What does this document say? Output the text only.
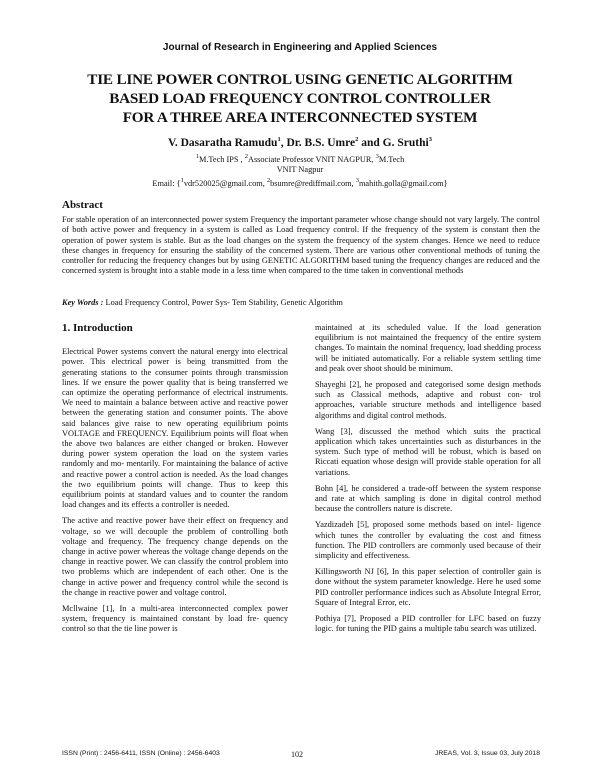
Journal of Research in Engineering and Applied Sciences
TIE LINE POWER CONTROL USING GENETIC ALGORITHM
BASED LOAD FREQUENCY CONTROL CONTROLLER
FOR A THREE AREA INTERCONNECTED SYSTEM
V. Dasaratha Ramudu$^1$, Dr. B.S. Umre$^2$ and G. Sruthi$^3$
$^1$M.Tech IPS , $^2$Associate Professor VNIT NAGPUR, $^3$M.Tech
VNIT Nagpur
Email: {$^1$vdr520025@gmail.com, $^2$bsumre@rediffmail.com, $^3$mahith.golla@gmail.com}
Abstract
For stable operation of an interconnected power system Frequency the important parameter whose change should not vary largely. The control of both active power and frequency in a system is called as Load frequency control. If the frequency of the system is constant then the operation of power system is stable. But as the load changes on the system the frequency of the system changes. Hence we need to reduce these changes in frequency for ensuring the stability of the concerned system. There are various other conventional methods of tuning the controller for reducing the frequency changes but by using GENETIC ALGORITHM based tuning the frequency changes are reduced and the concerned system is brought into a stable mode in a less time when compared to the time taken in conventional methods
Key Words : Load Frequency Control, Power Sys- Tem Stability, Genetic Algorithm
1. Introduction

Electrical Power systems convert the natural energy into electrical power. This electrical power is being transmitted from the generating stations to the consumer points through transmission lines. If we ensure the power quality that is being transferred we can optimize the operating performance of electrical instruments. We need to maintain a balance between active and reactive power between the generating station and consumer points. The above said balances give raise to new operating equilibrium points VOLTAGE and FREQUENCY. Equilibrium points will float when the above two balances are either changed or broken. However during power system operation the load on the system varies randomly and mo- mentarily. For maintaining the balance of active and reactive power a control action is needed. As the load changes the two equilibrium points will change. Thus to keep this equilibrium points at standard values and to counter the random load changes and its effects a controller is needed.

The active and reactive power have their effect on frequency and voltage, so we will decouple the problem of controlling both voltage and frequency. The frequency change depends on the change in active power whereas the voltage change depends on the change in reactive power. We can classify the control problem into two problems which are independent of each other. One is the change in active power and frequency control while the second is the change in reactive power and voltage control.

Mcllwaine [1], In a multi-area interconnected complex power system, frequency is maintained constant by load fre- quency control so that the tie line power is

maintained at its scheduled value. If the load generation equilibrium is not maintained the frequency of the entire system changes. To maintain the nominal frequency, load shedding process will be initiated automatically. For a reliable system settling time and peak over shoot should be minimum.

Shayeghi [2], he proposed and categorised some design methods such as Classical methods, adaptive and robust con- trol approaches, variable structure methods and intelligence based algorithms and digital control methods.

Wang [3], discussed the method which suits the practical application which takes uncertainties such as disturbances in the system. Such type of method will be robust, which is based on Riccati equation whose design will provide stable operation for all variations.

Bohn [4], he considered a trade-off between the system response and rate at which sampling is done in digital control method because the controllers nature is discrete.

Yazdizadeh [5], proposed some methods based on intel- ligence which tunes the controller by evaluating the cost and fitness function. The PID controllers are commonly used because of their simplicity and effectiveness.

Killingsworth NJ [6], In this paper selection of controller gain is done without the system parameter knowledge. Here he used some PID controller performance indices such as Absolute Integral Error, Square of Integral Error, etc.

Pothiya [7], Proposed a PID controller for LFC based on fuzzy logic. for tuning the PID gains a multiple tabu search was utilized.

ISSN (Print) : 2456-6411, ISSN (Online) : 2456-6403	102	JREAS, Vol. 3, Issue 03, July 2018
